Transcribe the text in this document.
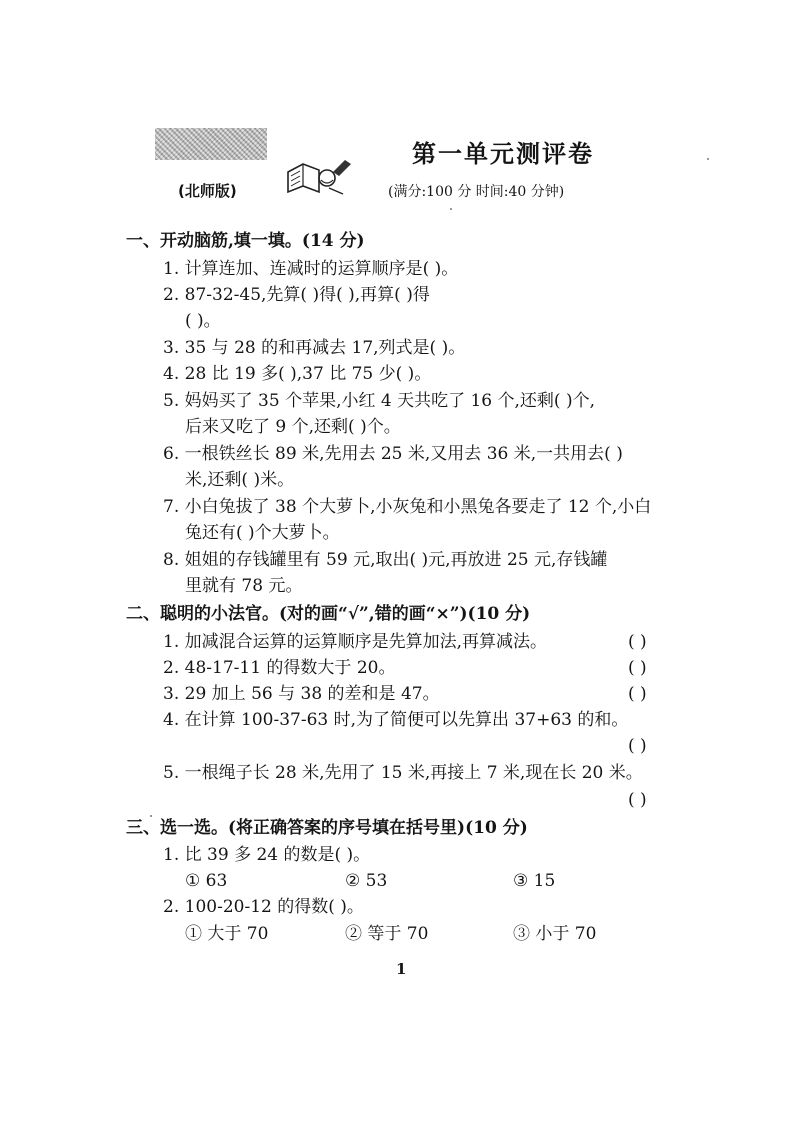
第一单元测评卷
(北师版)	(满分:100 分 时间:40 分钟)
一、开动脑筋,填一填。(14 分)
1. 计算连加、连减时的运算顺序是( )。
2. 87-32-45,先算( )得( ),再算( )得
( )。
3. 35 与 28 的和再减去 17,列式是( )。
4. 28 比 19 多( ),37 比 75 少( )。
5. 妈妈买了 35 个苹果,小红 4 天共吃了 16 个,还剩( )个,
后来又吃了 9 个,还剩( )个。
6. 一根铁丝长 89 米,先用去 25 米,又用去 36 米,一共用去( )
米,还剩( )米。
7. 小白兔拔了 38 个大萝卜,小灰兔和小黑兔各要走了 12 个,小白
兔还有( )个大萝卜。
8. 姐姐的存钱罐里有 59 元,取出( )元,再放进 25 元,存钱罐
里就有 78 元。
二、聪明的小法官。(对的画“√”,错的画“×”)(10 分)
1. 加减混合运算的运算顺序是先算加法,再算减法。	( )
2. 48-17-11 的得数大于 20。	( )
3. 29 加上 56 与 38 的差和是 47。	( )
4. 在计算 100-37-63 时,为了简便可以先算出 37+63 的和。
( )
5. 一根绳子长 28 米,先用了 15 米,再接上 7 米,现在长 20 米。
( )
三、选一选。(将正确答案的序号填在括号里)(10 分)
1. 比 39 多 24 的数是( )。
① 63	② 53	③ 15
2. 100-20-12 的得数( )。
① 大于 70	② 等于 70	③ 小于 70
1
